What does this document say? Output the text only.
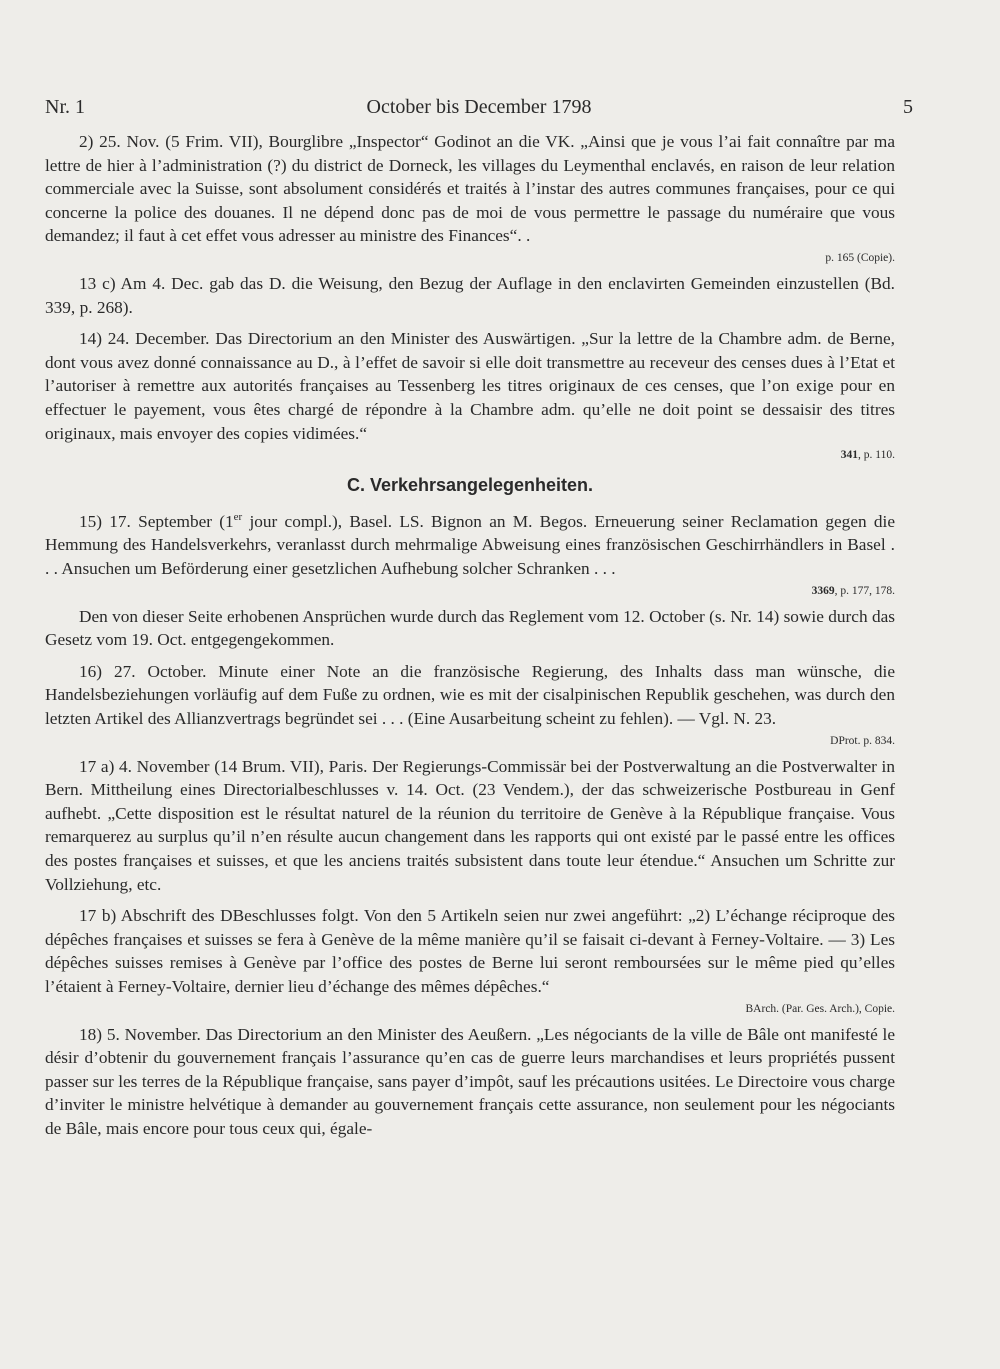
Nr. 1	October bis December 1798	5

2) 25. Nov. (5 Frim. VII), Bourglibre „Inspector“ Godinot an die VK. „Ainsi que je vous l’ai fait connaître par ma lettre de hier à l’administration (?) du district de Dorneck, les villages du Leymenthal enclavés, en raison de leur relation commerciale avec la Suisse, sont absolument considérés et traités à l’instar des autres communes françaises, pour ce qui concerne la police des douanes. Il ne dépend donc pas de moi de vous permettre le passage du numéraire que vous demandez; il faut à cet effet vous adresser au ministre des Finances“. .

p. 165 (Copie).

13 c) Am 4. Dec. gab das D. die Weisung, den Bezug der Auflage in den enclavirten Gemeinden einzustellen (Bd. 339, p. 268).

14) 24. December. Das Directorium an den Minister des Auswärtigen. „Sur la lettre de la Chambre adm. de Berne, dont vous avez donné connaissance au D., à l’effet de savoir si elle doit transmettre au receveur des censes dues à l’Etat et l’autoriser à remettre aux autorités françaises au Tessenberg les titres originaux de ces censes, que l’on exige pour en effectuer le payement, vous êtes chargé de répondre à la Chambre adm. qu’elle ne doit point se dessaisir des titres originaux, mais envoyer des copies vidimées.“

341, p. 110.
C. Verkehrsangelegenheiten.

15) 17. September (1er jour compl.), Basel. LS. Bignon an M. Begos. Erneuerung seiner Reclamation gegen die Hemmung des Handelsverkehrs, veranlasst durch mehrmalige Abweisung eines französischen Geschirrhändlers in Basel . . . Ansuchen um Beförderung einer gesetzlichen Aufhebung solcher Schranken . . .

3369, p. 177, 178.

Den von dieser Seite erhobenen Ansprüchen wurde durch das Reglement vom 12. October (s. Nr. 14) sowie durch das Gesetz vom 19. Oct. entgegengekommen.

16) 27. October. Minute einer Note an die französische Regierung, des Inhalts dass man wünsche, die Handelsbeziehungen vorläufig auf dem Fuße zu ordnen, wie es mit der cisalpinischen Republik geschehen, was durch den letzten Artikel des Allianzvertrags begründet sei . . . (Eine Ausarbeitung scheint zu fehlen). — Vgl. N. 23.

DProt. p. 834.

17 a) 4. November (14 Brum. VII), Paris. Der Regierungs-Commissär bei der Postverwaltung an die Postverwalter in Bern. Mittheilung eines Directorialbeschlusses v. 14. Oct. (23 Vendem.), der das schweizerische Postbureau in Genf aufhebt. „Cette disposition est le résultat naturel de la réunion du territoire de Genève à la République française. Vous remarquerez au surplus qu’il n’en résulte aucun changement dans les rapports qui ont existé par le passé entre les offices des postes françaises et suisses, et que les anciens traités subsistent dans toute leur étendue.“ Ansuchen um Schritte zur Vollziehung, etc.

17 b) Abschrift des DBeschlusses folgt. Von den 5 Artikeln seien nur zwei angeführt: „2) L’échange réciproque des dépêches françaises et suisses se fera à Genève de la même manière qu’il se faisait ci-devant à Ferney-Voltaire. — 3) Les dépêches suisses remises à Genève par l’office des postes de Berne lui seront remboursées sur le même pied qu’elles l’étaient à Ferney-Voltaire, dernier lieu d’échange des mêmes dépêches.“

BArch. (Par. Ges. Arch.), Copie.

18) 5. November. Das Directorium an den Minister des Aeußern. „Les négociants de la ville de Bâle ont manifesté le désir d’obtenir du gouvernement français l’assurance qu’en cas de guerre leurs marchandises et leurs propriétés pussent passer sur les terres de la République française, sans payer d’impôt, sauf les précautions usitées. Le Directoire vous charge d’inviter le ministre helvétique à demander au gouvernement français cette assurance, non seulement pour les négociants de Bâle, mais encore pour tous ceux qui, égale-
